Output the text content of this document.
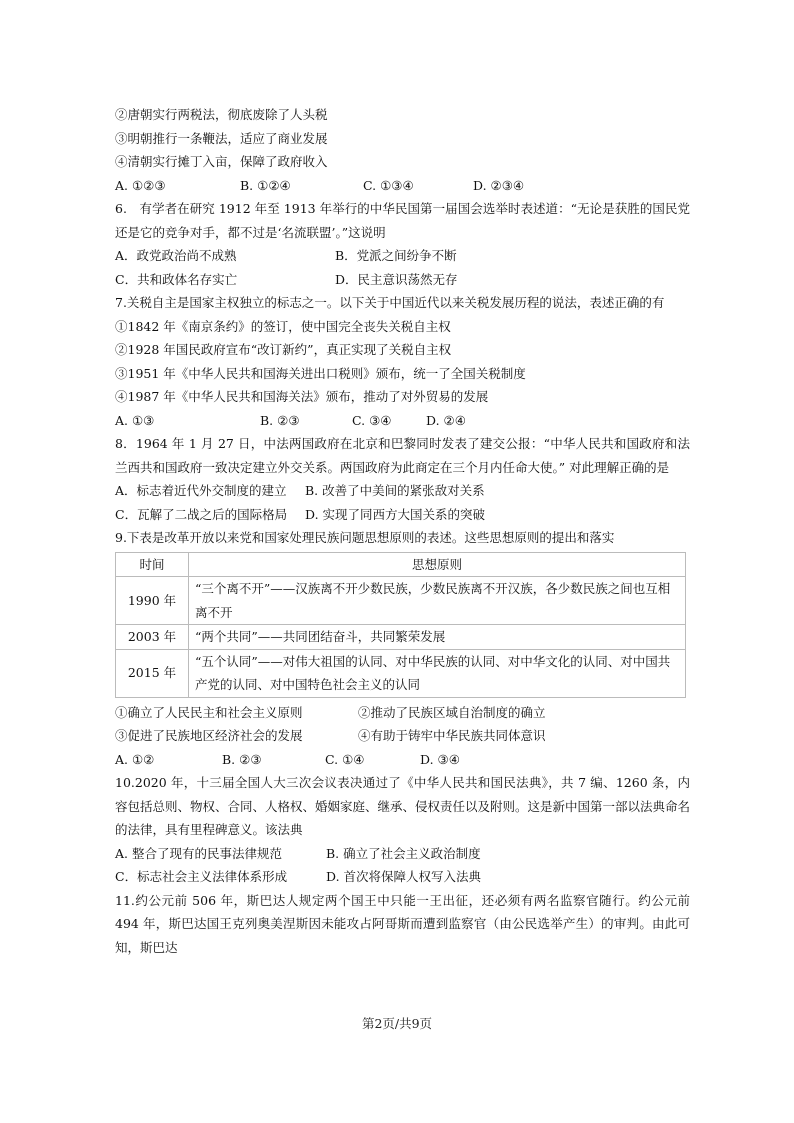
②唐朝实行两税法，彻底废除了人头税

③明朝推行一条鞭法，适应了商业发展

④清朝实行摊丁入亩，保障了政府收入

A. ①②③	B. ①②④	C. ①③④	D. ②③④

6.　有学者在研究 1912 年至 1913 年举行的中华民国第一届国会选举时表述道：“无论是获胜的国民党还是它的竞争对手，都不过是‘名流联盟’。”这说明

A．政党政治尚不成熟	B．党派之间纷争不断
C．共和政体名存实亡	D．民主意识荡然无存

7.关税自主是国家主权独立的标志之一。以下关于中国近代以来关税发展历程的说法，表述正确的有

①1842 年《南京条约》的签订，使中国完全丧失关税自主权

②1928 年国民政府宣布“改订新约”，真正实现了关税自主权

③1951 年《中华人民共和国海关进出口税则》颁布，统一了全国关税制度

④1987 年《中华人民共和国海关法》颁布，推动了对外贸易的发展

A. ①③	B. ②③	C. ③④	D. ②④

8．1964 年 1 月 27 日，中法两国政府在北京和巴黎同时发表了建交公报：“中华人民共和国政府和法兰西共和国政府一致决定建立外交关系。两国政府为此商定在三个月内任命大使。” 对此理解正确的是

A．标志着近代外交制度的建立	B. 改善了中美间的紧张敌对关系
C．瓦解了二战之后的国际格局	D. 实现了同西方大国关系的突破

9.下表是改革开放以来党和国家处理民族问题思想原则的表述。这些思想原则的提出和落实

时间	思想原则
1990 年	“三个离不开”——汉族离不开少数民族，少数民族离不开汉族，各少数民族之间也互相离不开
2003 年	“两个共同”——共同团结奋斗，共同繁荣发展
2015 年	“五个认同”——对伟大祖国的认同、对中华民族的认同、对中华文化的认同、对中国共产党的认同、对中国特色社会主义的认同
①确立了人民民主和社会主义原则	②推动了民族区域自治制度的确立
③促进了民族地区经济社会的发展	④有助于铸牢中华民族共同体意识
A. ①②	B. ②③	C. ①④	D. ③④

10.2020 年，十三届全国人大三次会议表决通过了《中华人民共和国民法典》，共 7 编、1260 条，内容包括总则、物权、合同、人格权、婚姻家庭、继承、侵权责任以及附则。这是新中国第一部以法典命名的法律，具有里程碑意义。该法典

A. 整合了现有的民事法律规范	B. 确立了社会主义政治制度
C．标志社会主义法律体系形成	D. 首次将保障人权写入法典

11.约公元前 506 年，斯巴达人规定两个国王中只能一王出征，还必须有两名监察官随行。约公元前 494 年，斯巴达国王克列奥美涅斯因未能攻占阿哥斯而遭到监察官（由公民选举产生）的审判。由此可知，斯巴达

第2页/共9页
